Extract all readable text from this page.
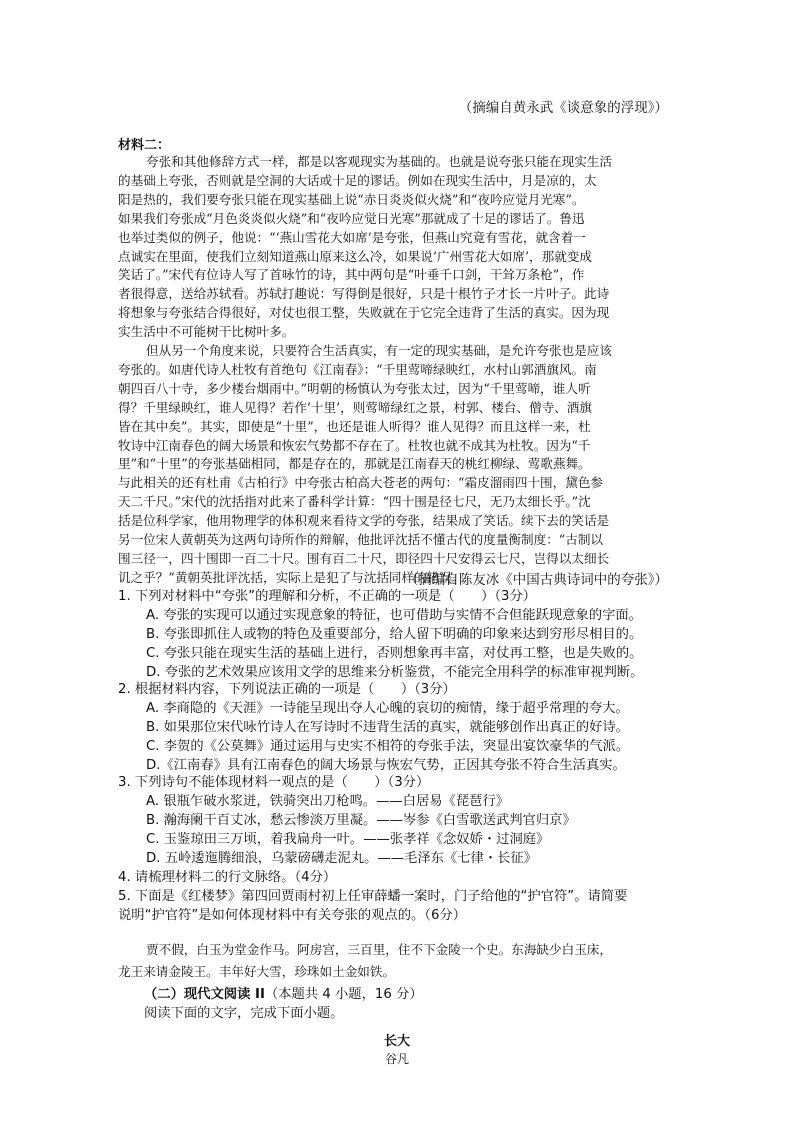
（摘编自黄永武《谈意象的浮现》）
材料二：
夸张和其他修辞方式一样，都是以客观现实为基础的。也就是说夸张只能在现实生活
的基础上夸张，否则就是空洞的大话或十足的谬话。例如在现实生活中，月是凉的，太
阳是热的，我们要夸张只能在现实基础上说“赤日炎炎似火烧”和“夜吟应觉月光寒”。
如果我们夸张成“月色炎炎似火烧”和“夜吟应觉日光寒”那就成了十足的谬话了。鲁迅
也举过类似的例子，他说：“‘燕山雪花大如席’是夸张，但燕山究竟有雪花，就含着一
点诚实在里面，使我们立刻知道燕山原来这么冷，如果说‘广州雪花大如席’，那就变成
笑话了。”宋代有位诗人写了首咏竹的诗，其中两句是“叶垂千口剑，干耸万条枪”，作
者很得意，送给苏轼看。苏轼打趣说：写得倒是很好，只是十根竹子才长一片叶子。此诗
将想象与夸张结合得很好，对仗也很工整，失败就在于它完全违背了生活的真实。因为现
实生活中不可能树干比树叶多。
但从另一个角度来说，只要符合生活真实，有一定的现实基础，是允许夸张也是应该
夸张的。如唐代诗人杜牧有首绝句《江南春》：“千里莺啼绿映红，水村山郭酒旗风。南
朝四百八十寺，多少楼台烟雨中。”明朝的杨慎认为夸张太过，因为“千里莺啼，谁人听
得？千里绿映红，谁人见得？若作‘十里’，则莺啼绿红之景，村郭、楼台、僧寺、酒旗
皆在其中矣”。其实，即使是“十里”，也还是谁人听得？谁人见得？而且这样一来，杜
牧诗中江南春色的阔大场景和恢宏气势都不存在了。杜牧也就不成其为杜牧。因为“千
里”和“十里”的夸张基础相同，都是存在的，那就是江南春天的桃红柳绿、莺歌燕舞。
与此相关的还有杜甫《古柏行》中夸张古柏高大苍老的两句：“霜皮溜雨四十围，黛色参
天二千尺。”宋代的沈括指对此来了番科学计算：“四十围是径七尺，无乃太细长乎。”沈
括是位科学家，他用物理学的体积观来看待文学的夸张，结果成了笑话。续下去的笑话是
另一位宋人黄朝英为这两句诗所作的辩解，他批评沈括不懂古代的度量衡制度：“古制以
围三径一，四十围即一百二十尺。围有百二十尺，即径四十尺安得云七尺，岂得以太细长
讥之乎？”黄朝英批评沈括，实际上是犯了与沈括同样的错误。
（摘编自陈友冰《中国古典诗词中的夸张》）
1. 下列对材料中“夸张”的理解和分析，不正确的一项是（　　）（3分）
A. 夸张的实现可以通过实现意象的特征，也可借助与实情不合但能跃现意象的字面。
B. 夸张即抓住人或物的特色及重要部分，给人留下明确的印象来达到穷形尽相目的。
C. 夸张只能在现实生活的基础上进行，否则想象再丰富，对仗再工整，也是失败的。
D. 夸张的艺术效果应该用文学的思维来分析鉴赏，不能完全用科学的标准审视判断。
2. 根据材料内容，下列说法正确的一项是（　　）（3分）
A. 李商隐的《天涯》一诗能呈现出夺人心魄的哀切的痴情，缘于超乎常理的夸大。
B. 如果那位宋代咏竹诗人在写诗时不违背生活的真实，就能够创作出真正的好诗。
C. 李贺的《公莫舞》通过运用与史实不相符的夸张手法，突显出宴饮豪华的气派。
D.《江南春》具有江南春色的阔大场景与恢宏气势，正因其夸张不符合生活真实。
3. 下列诗句不能体现材料一观点的是（　　）（3分）
A. 银瓶乍破水浆迸，铁骑突出刀枪鸣。——白居易《琵琶行》
B. 瀚海阑干百丈冰，愁云惨淡万里凝。——岑参《白雪歌送武判官归京》
C. 玉鉴琼田三万顷，着我扁舟一叶。——张孝祥《念奴娇・过洞庭》
D. 五岭逶迤腾细浪，乌蒙磅礴走泥丸。——毛泽东《七律・长征》
4. 请梳理材料二的行文脉络。（4分）
5. 下面是《红楼梦》第四回贾雨村初上任审薛蟠一案时，门子给他的“护官符”。请简要
说明“护官符”是如何体现材料中有关夸张的观点的。（6分）
贾不假，白玉为堂金作马。阿房宫，三百里，住不下金陵一个史。东海缺少白玉床，
龙王来请金陵王。丰年好大雪，珍珠如土金如铁。
（二）现代文阅读 II（本题共 4 小题，16 分）
阅读下面的文字，完成下面小题。
长大
谷凡
